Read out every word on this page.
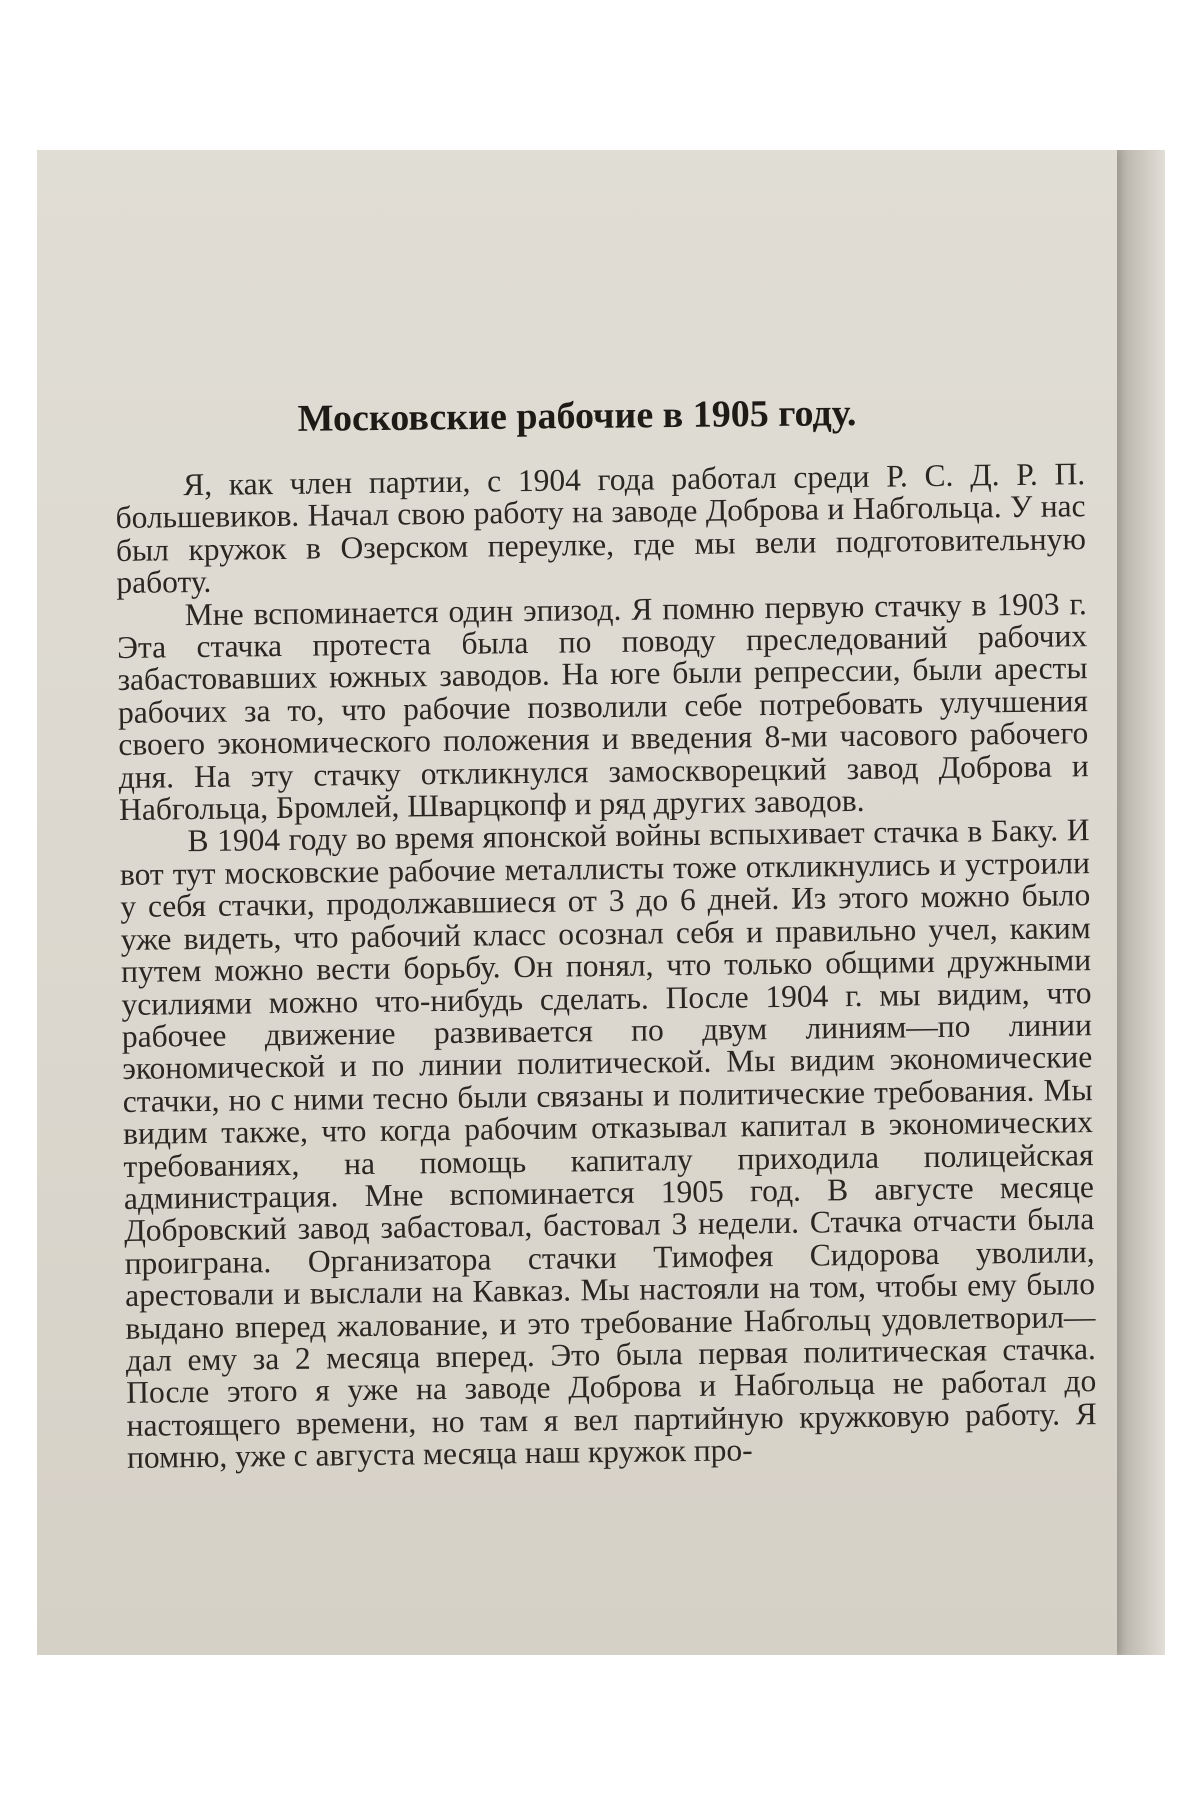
Московские рабочие в 1905 году.

Я, как член партии, с 1904 года работал среди Р. С. Д. Р. П. большевиков. Начал свою работу на заводе Доброва и Набгольца. У нас был кружок в Озерском переулке, где мы вели подготовительную работу.

Мне вспоминается один эпизод. Я помню первую стачку в 1903 г. Эта стачка протеста была по поводу преследований рабочих забастовавших южных заводов. На юге были репрессии, были аресты рабочих за то, что рабочие позволили себе потребовать улучшения своего экономического положения и введения 8-ми часового рабочего дня. На эту стачку откликнулся замоскворецкий завод Доброва и Набгольца, Бромлей, Шварцкопф и ряд других заводов.

В 1904 году во время японской войны вспыхивает стачка в Баку. И вот тут московские рабочие металлисты тоже откликнулись и устроили у себя стачки, продолжавшиеся от 3 до 6 дней. Из этого можно было уже видеть, что рабочий класс осознал себя и правильно учел, каким путем можно вести борьбу. Он понял, что только общими дружными усилиями можно что-нибудь сделать. После 1904 г. мы видим, что рабочее движение развивается по двум линиям—по линии экономической и по линии политической. Мы видим экономические стачки, но с ними тесно были связаны и политические требования. Мы видим также, что когда рабочим отказывал капитал в экономических требованиях, на помощь капиталу приходила полицейская администрация. Мне вспоминается 1905 год. В августе месяце Добровский завод забастовал, бастовал 3 недели. Стачка отчасти была проиграна. Организатора стачки Тимофея Сидорова уволили, арестовали и выслали на Кавказ. Мы настояли на том, чтобы ему было выдано вперед жалование, и это требование Набгольц удовлетворил—дал ему за 2 месяца вперед. Это была первая политическая стачка. После этого я уже на заводе Доброва и Набгольца не работал до настоящего времени, но там я вел партийную кружковую работу. Я помню, уже с августа месяца наш кружок про-
